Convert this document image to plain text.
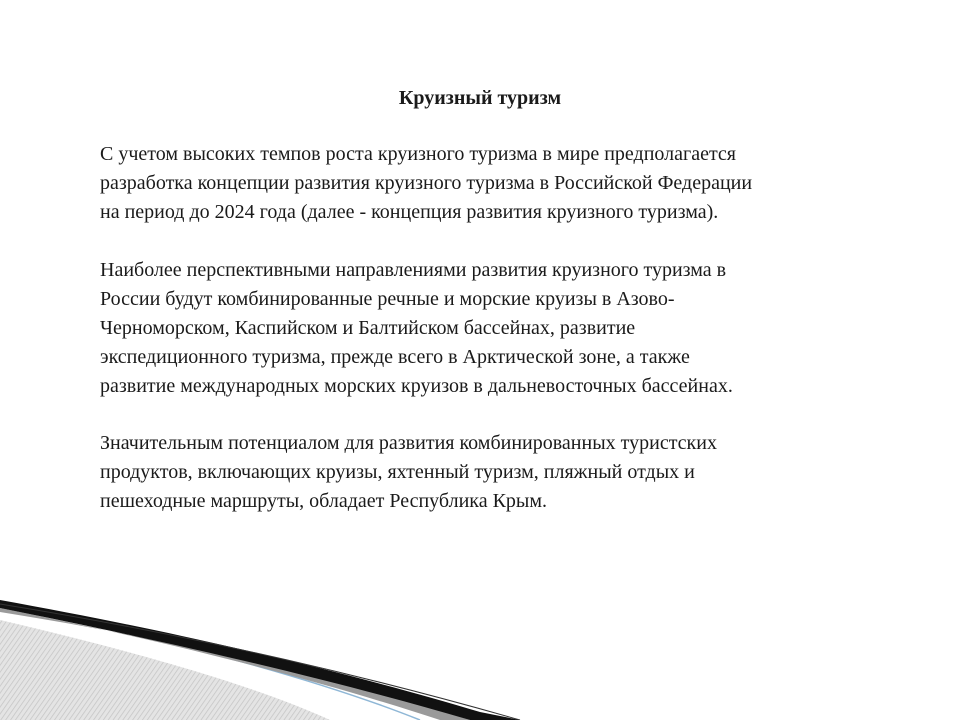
Круизный туризм

С учетом высоких темпов роста круизного туризма в мире предполагается
разработка концепции развития круизного туризма в Российской Федерации
на период до 2024 года (далее - концепция развития круизного туризма).

Наиболее перспективными направлениями развития круизного туризма в
России будут комбинированные речные и морские круизы в Азово-
Черноморском, Каспийском и Балтийском бассейнах, развитие
экспедиционного туризма, прежде всего в Арктической зоне, а также
развитие международных морских круизов в дальневосточных бассейнах.

Значительным потенциалом для развития комбинированных туристских
продуктов, включающих круизы, яхтенный туризм, пляжный отдых и
пешеходные маршруты, обладает Республика Крым.
